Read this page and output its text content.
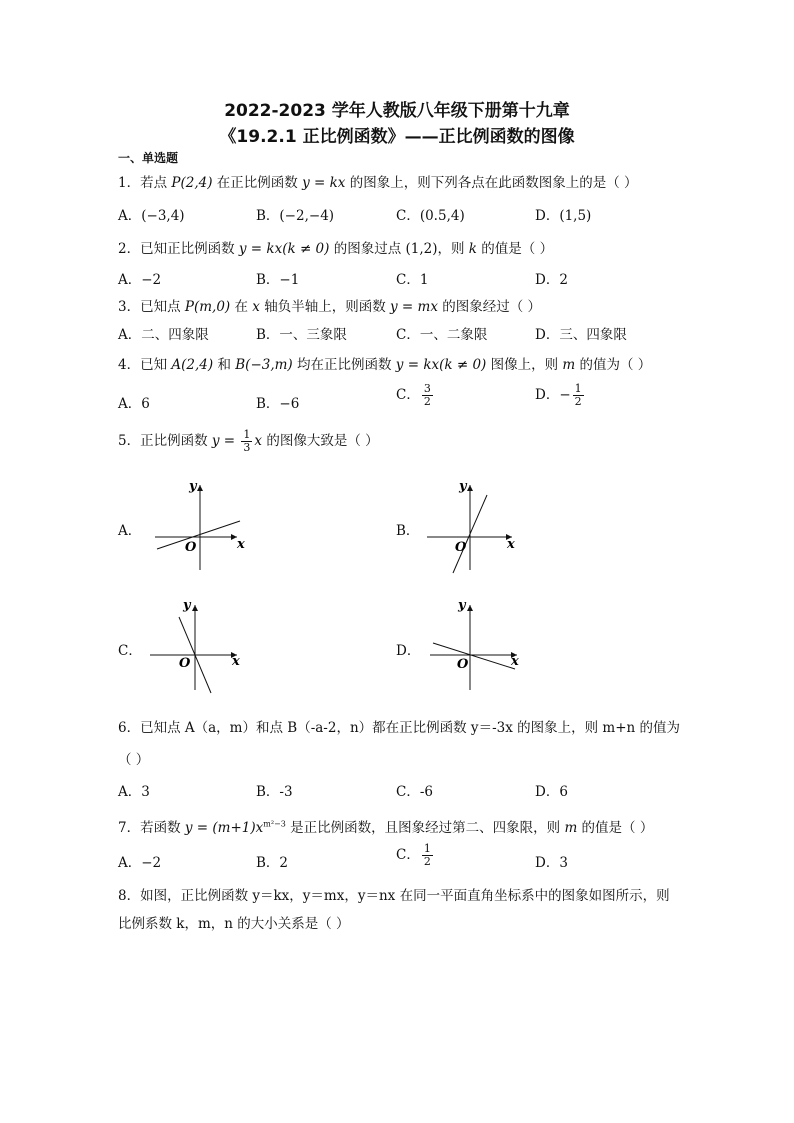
2022-2023 学年人教版八年级下册第十九章
《19.2.1 正比例函数》——正比例函数的图像
一、单选题
1．若点 P(2,4) 在正比例函数 y = kx 的图象上，则下列各点在此函数图象上的是（ ）
A．(−3,4)	B．(−2,−4)	C．(0.5,4)	D．(1,5)
2．已知正比例函数 y = kx(k ≠ 0) 的图象过点 (1,2)，则 k 的值是（ ）
A．−2	B．−1	C．1	D．2
3．已知点 P(m,0) 在 x 轴负半轴上，则函数 y = mx 的图象经过（ ）
A．二、四象限	B．一、三象限	C．一、二象限	D．三、四象限
4．已知 A(2,4) 和 B(−3,m) 均在正比例函数 y = kx(k ≠ 0) 图像上，则 m 的值为（ ）
A．6	B．−6
C． $\frac{3}{2}$	D．− $\frac{1}{2}$
5．正比例函数 $y = \frac{1}{3}$ x 的图像大致是（ ）
A．	B．
C．	D．
x
y
O	x
y
O
x
y
O	x
y
O
6．已知点 A（a，m）和点 B（-a-2，n）都在正比例函数 y＝-3x 的图象上，则 m+n 的值为
（ ）
A．3	B．-3	C．-6	D．6
7．若函数 $y = (m+1)x^{m^2-3}$ 是正比例函数，且图象经过第二、四象限，则 m 的值是（ ）
A．−2	B．2	C． $\frac{1}{2}$	D．3
8．如图，正比例函数 y＝kx，y＝mx，y＝nx 在同一平面直角坐标系中的图象如图所示，则
比例系数 k，m，n 的大小关系是（ ）
